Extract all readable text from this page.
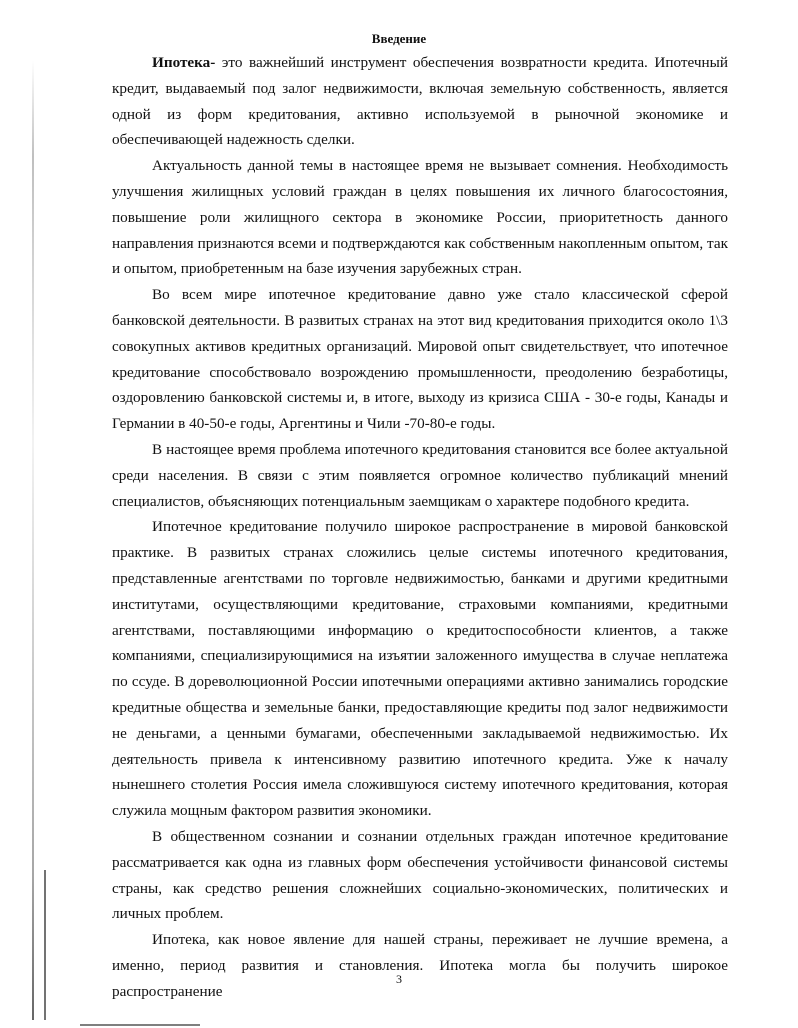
Введение

Ипотека- это важнейший инструмент обеспечения возвратности кредита. Ипотечный кредит, выдаваемый под залог недвижимости, включая земельную собственность, является одной из форм кредитования, активно используемой в рыночной экономике и обеспечивающей надежность сделки.

Актуальность данной темы в настоящее время не вызывает сомнения. Необходимость улучшения жилищных условий граждан в целях повышения их личного благосостояния, повышение роли жилищного сектора в экономике России, приоритетность данного направления признаются всеми и подтверждаются как собственным накопленным опытом, так и опытом, приобретенным на базе изучения зарубежных стран.

Во всем мире ипотечное кредитование давно уже стало классической сферой банковской деятельности. В развитых странах на этот вид кредитования приходится около 1\3 совокупных активов кредитных организаций. Мировой опыт свидетельствует, что ипотечное кредитование способствовало возрождению промышленности, преодолению безработицы, оздоровлению банковской системы и, в итоге, выходу из кризиса США - 30-е годы, Канады и Германии в 40-50-е годы, Аргентины и Чили -70-80-е годы.

В настоящее время проблема ипотечного кредитования становится все более актуальной среди населения. В связи с этим появляется огромное количество публикаций мнений специалистов, объясняющих потенциальным заемщикам о характере подобного кредита.

Ипотечное кредитование получило широкое распространение в мировой банковской практике. В развитых странах сложились целые системы ипотечного кредитования, представленные агентствами по торговле недвижимостью, банками и другими кредитными институтами, осуществляющими кредитование, страховыми компаниями, кредитными агентствами, поставляющими информацию о кредитоспособности клиентов, а также компаниями, специализирующимися на изъятии заложенного имущества в случае неплатежа по ссуде. В дореволюционной России ипотечными операциями активно занимались городские кредитные общества и земельные банки, предоставляющие кредиты под залог недвижимости не деньгами, а ценными бумагами, обеспеченными закладываемой недвижимостью. Их деятельность привела к интенсивному развитию ипотечного кредита. Уже к началу нынешнего столетия Россия имела сложившуюся систему ипотечного кредитования, которая служила мощным фактором развития экономики.

В общественном сознании и сознании отдельных граждан ипотечное кредитование рассматривается как одна из главных форм обеспечения устойчивости финансовой системы страны, как средство решения сложнейших социально-экономических, политических и личных проблем.

Ипотека, как новое явление для нашей страны, переживает не лучшие времена, а именно, период развития и становления. Ипотека могла бы получить широкое распространение

3
